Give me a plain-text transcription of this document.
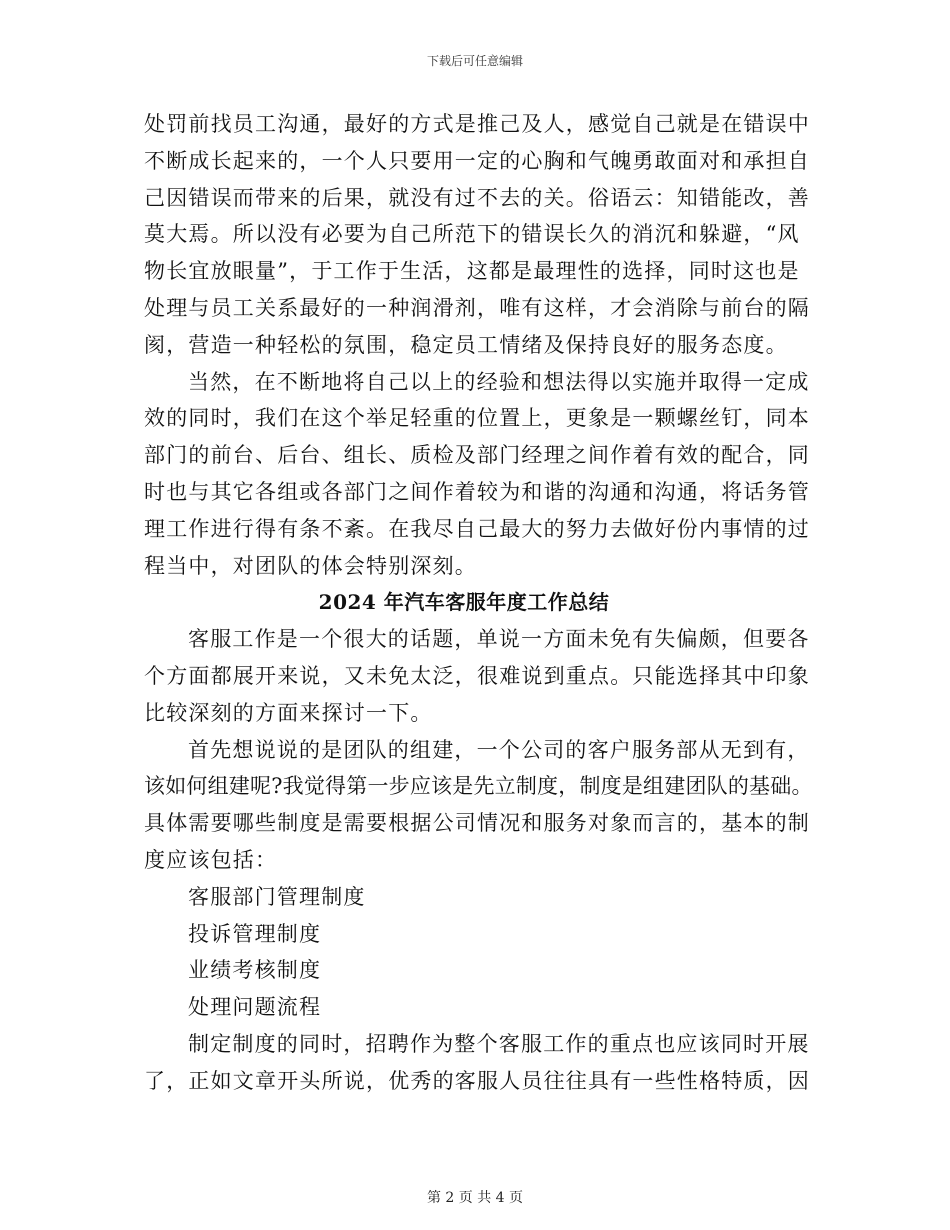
下载后可任意编辑
处罚前找员工沟通，最好的方式是推己及人，感觉自己就是在错误中
不断成长起来的，一个人只要用一定的心胸和气魄勇敢面对和承担自
己因错误而带来的后果，就没有过不去的关。俗语云：知错能改，善
莫大焉。所以没有必要为自己所范下的错误长久的消沉和躲避，“风
物长宜放眼量”，于工作于生活，这都是最理性的选择，同时这也是
处理与员工关系最好的一种润滑剂，唯有这样，才会消除与前台的隔
阂，营造一种轻松的氛围，稳定员工情绪及保持良好的服务态度。
当然，在不断地将自己以上的经验和想法得以实施并取得一定成
效的同时，我们在这个举足轻重的位置上，更象是一颗螺丝钉，同本
部门的前台、后台、组长、质检及部门经理之间作着有效的配合，同
时也与其它各组或各部门之间作着较为和谐的沟通和沟通，将话务管
理工作进行得有条不紊。在我尽自己最大的努力去做好份内事情的过
程当中，对团队的体会特别深刻。
2024 年汽车客服年度工作总结
客服工作是一个很大的话题，单说一方面未免有失偏颇，但要各
个方面都展开来说，又未免太泛，很难说到重点。只能选择其中印象
比较深刻的方面来探讨一下。
首先想说说的是团队的组建，一个公司的客户服务部从无到有，
该如何组建呢?我觉得第一步应该是先立制度，制度是组建团队的基础。
具体需要哪些制度是需要根据公司情况和服务对象而言的，基本的制
度应该包括：
客服部门管理制度
投诉管理制度
业绩考核制度
处理问题流程
制定制度的同时，招聘作为整个客服工作的重点也应该同时开展
了，正如文章开头所说，优秀的客服人员往往具有一些性格特质，因
第 2 页 共 4 页
